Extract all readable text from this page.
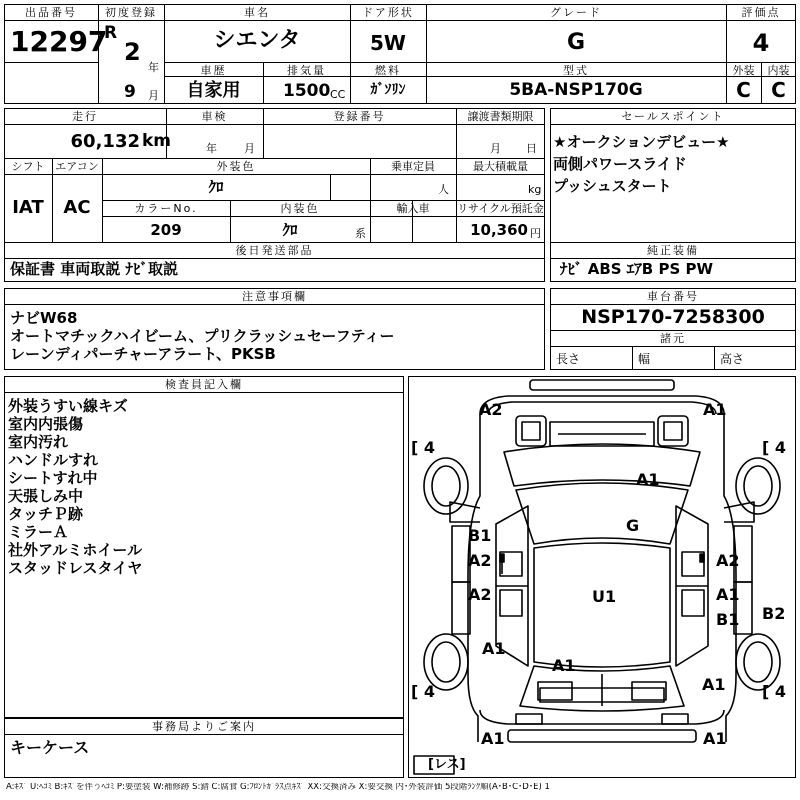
出品番号
12297
初度登録
R
2
年
9 月
車名
シエンタ
ドア形状
5W
グレード
G
評価点
4
車歴
自家用
排気量
1500 CC
燃料
ｶﾞｿﾘﾝ
型式
5BA-NSP170G
外装	内装
C	C
走行
60,132 km
車検
年 月
登録番号	譲渡書類期限
月 日
シフト
IAT
エアコン
AC
外装色
ｸﾛ
乗車定員
人
最大積載量
kg
カラーNo.
209
内装色
ｸﾛ	系
輸入車	リサイクル預託金
10,360 円
後日発送部品
保証書 車両取説 ﾅﾋﾞ取説
セールスポイント
★オークションデビュー★
両側パワースライド
プッシュスタート
純正装備
ﾅﾋﾞ ABS ｴｱB PS PW
注意事項欄
ナビW68
オートマチックハイビーム、プリクラッシュセーフティー
レーンディパーチャーアラート、PKSB
車台番号
NSP170-7258300
諸元
長さ	幅	高さ
検査員記入欄
外装うすい線キズ
室内内張傷
室内汚れ
ハンドルすれ
シートすれ中
天張しみ中
タッチＰ跡
ミラーＡ
社外アルミホイール
スタッドレスタイヤ
事務局よりご案内
キーケース
[ 4	[ 4
[ 4	[ 4
A2	A1
A1
G
B1
A2	A2
A2	A1
U1
B1 B2
A1
A1
A1
A1	A1
[レス]
A:ｷｽﾞ U:ﾍｺﾐ B:ｷｽﾞを伴うﾍｺﾐ P:要塗装 W:補修跡 S:錆 C:腐食 G:ﾌﾛﾝﾄｶﾞﾗｽ点ｷｽﾞ XX:交換済み X:要交換 内･外装評価 5段階ﾗﾝｸ順(A･B･C･D･E) 1
